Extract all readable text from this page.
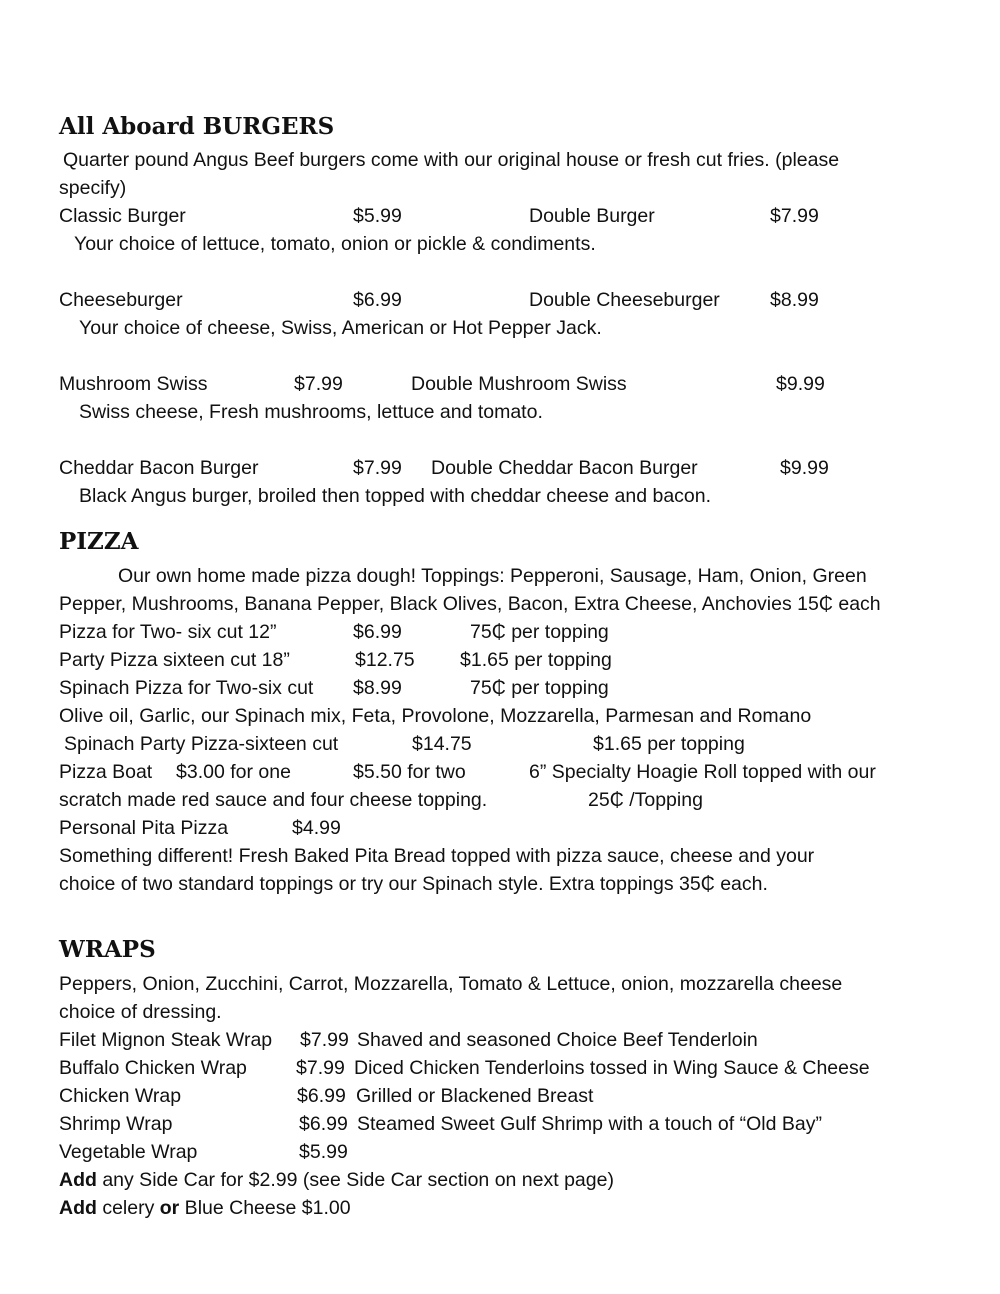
All Aboard BURGERS
Quarter pound Angus Beef burgers come with our original house or fresh cut fries. (please
specify)
Classic Burger	$5.99	Double Burger	$7.99
Your choice of lettuce, tomato, onion or pickle & condiments.
Cheeseburger	$6.99	Double Cheeseburger	$8.99
Your choice of cheese, Swiss, American or Hot Pepper Jack.
Mushroom Swiss	$7.99	Double Mushroom Swiss	$9.99
Swiss cheese, Fresh mushrooms, lettuce and tomato.
Cheddar Bacon Burger	$7.99 Double Cheddar Bacon Burger	$9.99
Black Angus burger, broiled then topped with cheddar cheese and bacon.
PIZZA
Our own home made pizza dough! Toppings: Pepperoni, Sausage, Ham, Onion, Green
Pepper, Mushrooms, Banana Pepper, Black Olives, Bacon, Extra Cheese, Anchovies 15₵ each
Pizza for Two- six cut 12”	$6.99	75₵ per topping
Party Pizza sixteen cut 18”	$12.75 $1.65 per topping
Spinach Pizza for Two-six cut $8.99	75₵ per topping
Olive oil, Garlic, our Spinach mix, Feta, Provolone, Mozzarella, Parmesan and Romano
Spinach Party Pizza-sixteen cut	$14.75	$1.65 per topping
Pizza Boat $3.00 for one	$5.50 for two	6” Specialty Hoagie Roll topped with our
scratch made red sauce and four cheese topping.	25₵ /Topping
Personal Pita Pizza	$4.99
Something different! Fresh Baked Pita Bread topped with pizza sauce, cheese and your
choice of two standard toppings or try our Spinach style. Extra toppings 35₵ each.
WRAPS
Peppers, Onion, Zucchini, Carrot, Mozzarella, Tomato & Lettuce, onion, mozzarella cheese
choice of dressing.
Filet Mignon Steak Wrap $7.99 Shaved and seasoned Choice Beef Tenderloin
Buffalo Chicken Wrap	$7.99 Diced Chicken Tenderloins tossed in Wing Sauce & Cheese
Chicken Wrap	$6.99 Grilled or Blackened Breast
Shrimp Wrap	$6.99 Steamed Sweet Gulf Shrimp with a touch of “Old Bay”
Vegetable Wrap	$5.99
Add any Side Car for $2.99 (see Side Car section on next page)
Add celery or Blue Cheese $1.00
